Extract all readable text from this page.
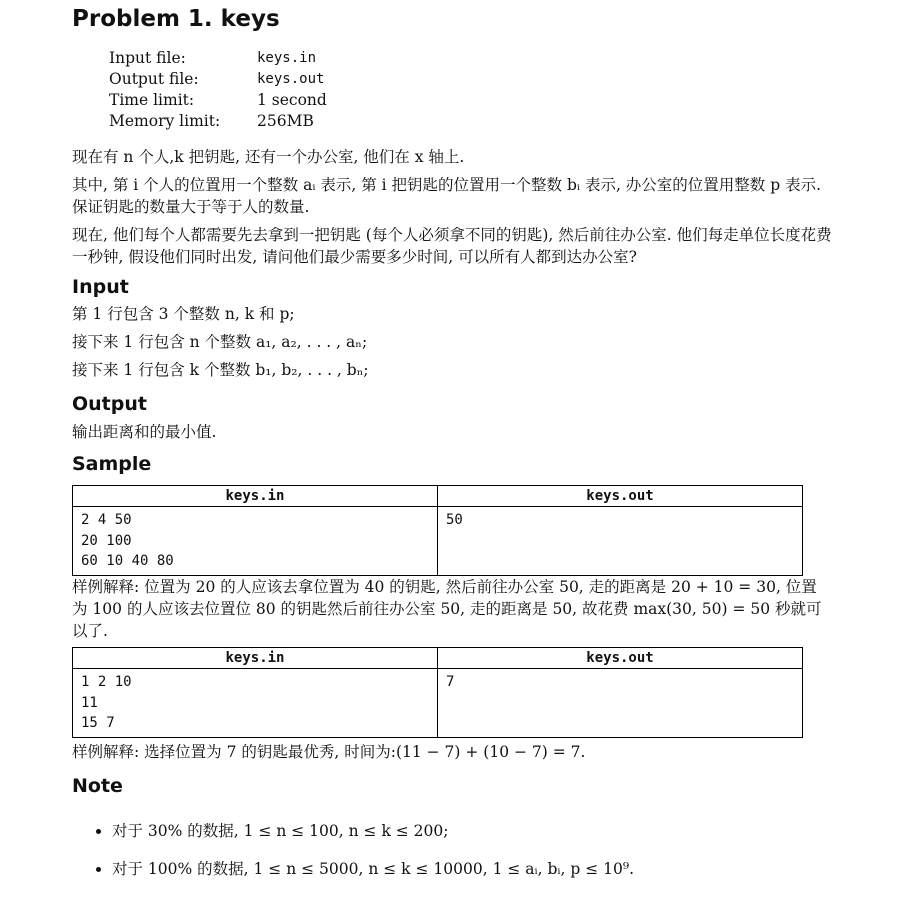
Problem 1. keys
Input file:	keys.in
Output file:	keys.out
Time limit:	1 second
Memory limit:	256MB

现在有 n 个人,k 把钥匙, 还有一个办公室, 他们在 x 轴上.

其中, 第 i 个人的位置用一个整数 aᵢ 表示, 第 i 把钥匙的位置用一个整数 bᵢ 表示, 办公室的位置用整数 p 表示. 保证钥匙的数量大于等于人的数量.

现在, 他们每个人都需要先去拿到一把钥匙 (每个人必须拿不同的钥匙), 然后前往办公室. 他们每走单位长度花费一秒钟, 假设他们同时出发, 请问他们最少需要多少时间, 可以所有人都到达办公室?

Input

第 1 行包含 3 个整数 n, k 和 p;

接下来 1 行包含 n 个整数 a₁, a₂, . . . , aₙ;

接下来 1 行包含 k 个整数 b₁, b₂, . . . , bₙ;

Output

输出距离和的最小值.

Sample
keys.in	keys.out

2 4 50
20 100
60 10 40 80	50

样例解释: 位置为 20 的人应该去拿位置为 40 的钥匙, 然后前往办公室 50, 走的距离是 20 + 10 = 30, 位置为 100 的人应该去位置位 80 的钥匙然后前往办公室 50, 走的距离是 50, 故花费 max(30, 50) = 50 秒就可以了.

keys.in	keys.out

1 2 10
11
15 7	7

样例解释: 选择位置为 7 的钥匙最优秀, 时间为:(11 − 7) + (10 − 7) = 7.

Note
• 对于 30% 的数据, 1 ≤ n ≤ 100, n ≤ k ≤ 200;
• 对于 100% 的数据, 1 ≤ n ≤ 5000, n ≤ k ≤ 10000, 1 ≤ aᵢ, bᵢ, p ≤ 10⁹.
